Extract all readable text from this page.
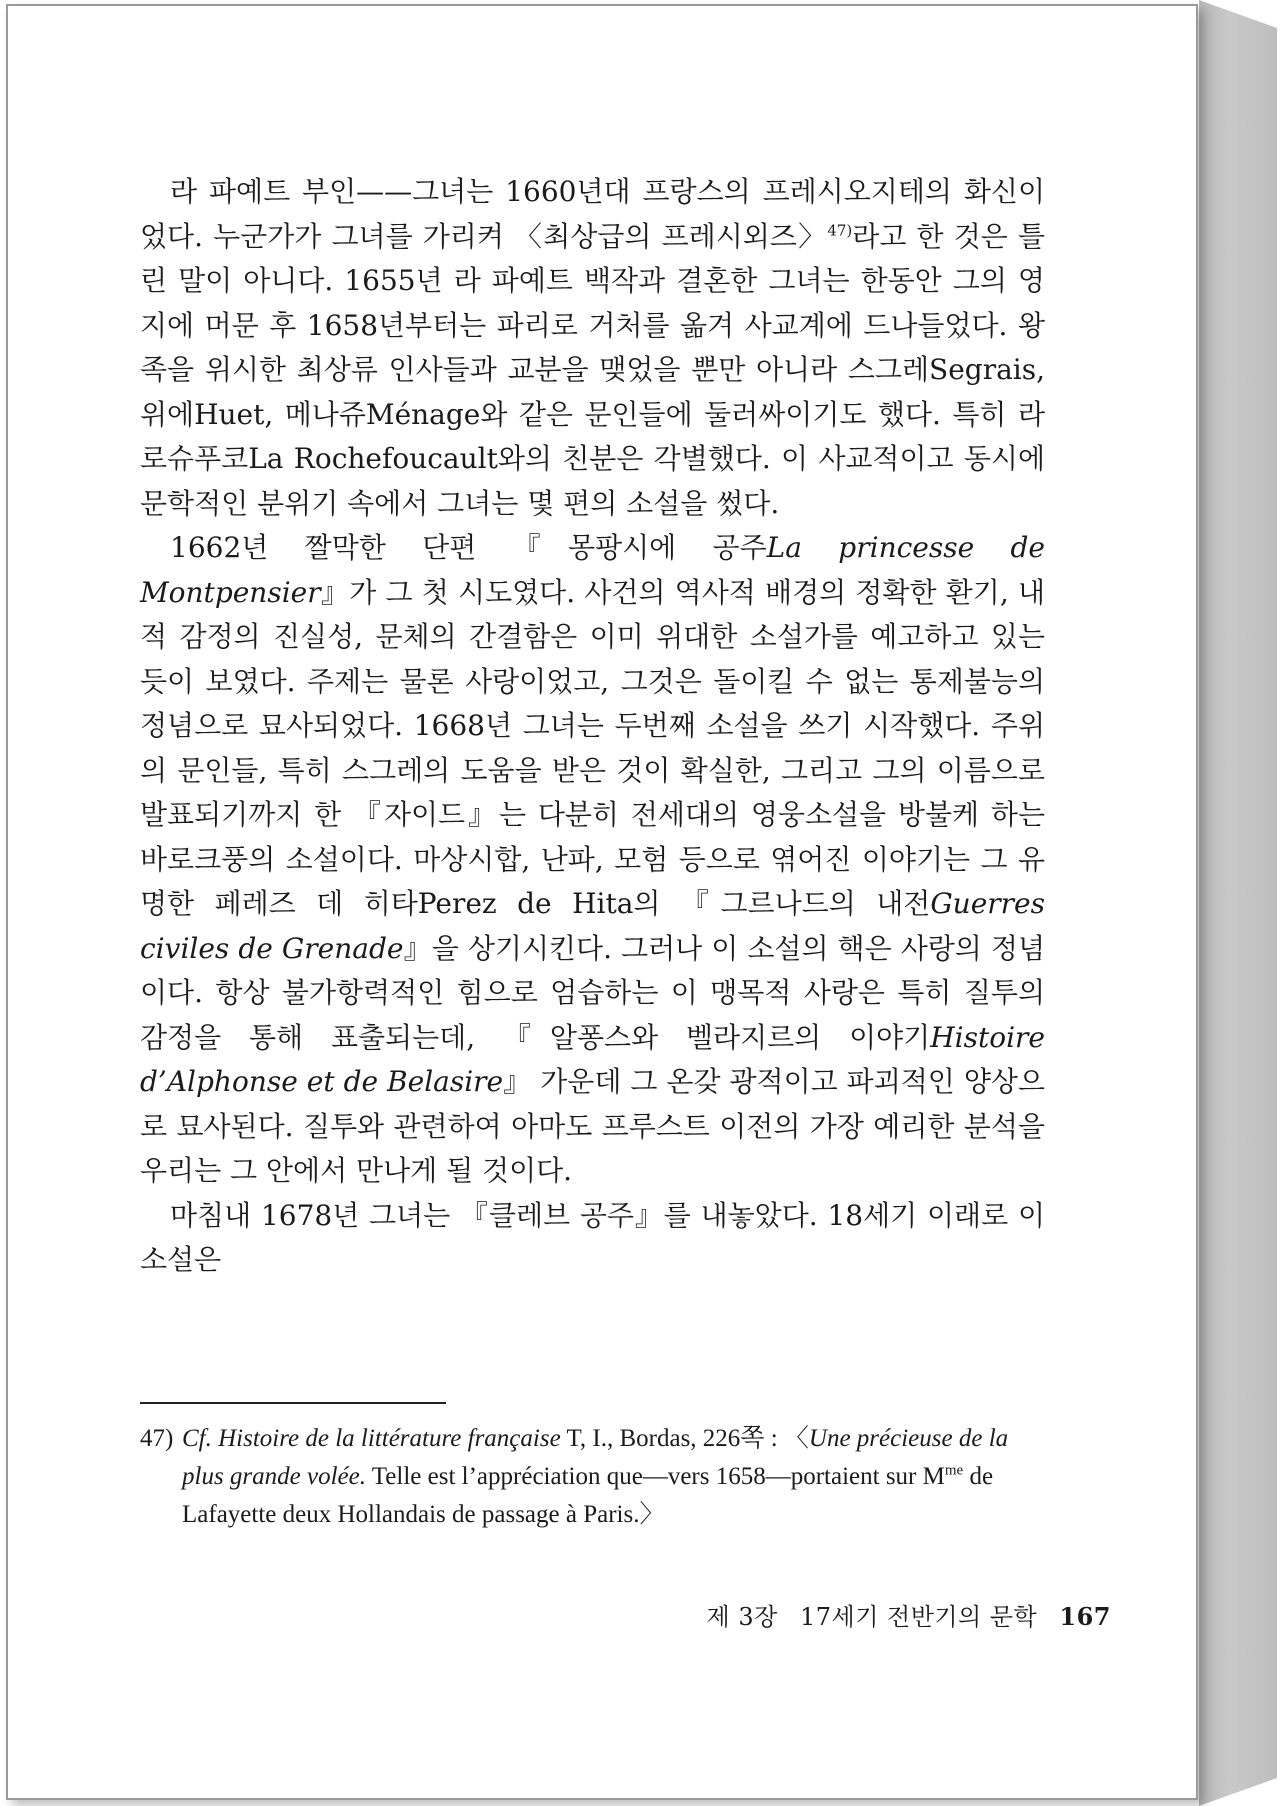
라 파예트 부인——그녀는 1660년대 프랑스의 프레시오지테의 화신이었다. 누군가가 그녀를 가리켜 〈최상급의 프레시외즈〉$^{47)}$라고 한 것은 틀린 말이 아니다. 1655년 라 파예트 백작과 결혼한 그녀는 한동안 그의 영지에 머문 후 1658년부터는 파리로 거처를 옮겨 사교계에 드나들었다. 왕족을 위시한 최상류 인사들과 교분을 맺었을 뿐만 아니라 스그레Segrais, 위에Huet, 메나쥬Ménage와 같은 문인들에 둘러싸이기도 했다. 특히 라 로슈푸코La Rochefoucault와의 친분은 각별했다. 이 사교적이고 동시에 문학적인 분위기 속에서 그녀는 몇 편의 소설을 썼다.

1662년 짤막한 단편 『몽팡시에 공주La princesse de Montpensier』가 그 첫 시도였다. 사건의 역사적 배경의 정확한 환기, 내적 감정의 진실성, 문체의 간결함은 이미 위대한 소설가를 예고하고 있는 듯이 보였다. 주제는 물론 사랑이었고, 그것은 돌이킬 수 없는 통제불능의 정념으로 묘사되었다. 1668년 그녀는 두번째 소설을 쓰기 시작했다. 주위의 문인들, 특히 스그레의 도움을 받은 것이 확실한, 그리고 그의 이름으로 발표되기까지 한 『자이드』는 다분히 전세대의 영웅소설을 방불케 하는 바로크풍의 소설이다. 마상시합, 난파, 모험 등으로 엮어진 이야기는 그 유명한 페레즈 데 히타Perez de Hita의 『그르나드의 내전Guerres civiles de Grenade』을 상기시킨다. 그러나 이 소설의 핵은 사랑의 정념이다. 항상 불가항력적인 힘으로 엄습하는 이 맹목적 사랑은 특히 질투의 감정을 통해 표출되는데, 『알퐁스와 벨라지르의 이야기Histoire d’Alphonse et de Belasire』 가운데 그 온갖 광적이고 파괴적인 양상으로 묘사된다. 질투와 관련하여 아마도 프루스트 이전의 가장 예리한 분석을 우리는 그 안에서 만나게 될 것이다.

마침내 1678년 그녀는 『클레브 공주』를 내놓았다. 18세기 이래로 이 소설은

47) Cf. Histoire de la littérature française T, I., Bordas, 226쪽 : 〈Une précieuse de la plus grande volée. Telle est l’appréciation que—vers 1658—portaient sur $M^{me}$ de Lafayette deux Hollandais de passage à Paris.〉
제 3장 17세기 전반기의 문학 167
